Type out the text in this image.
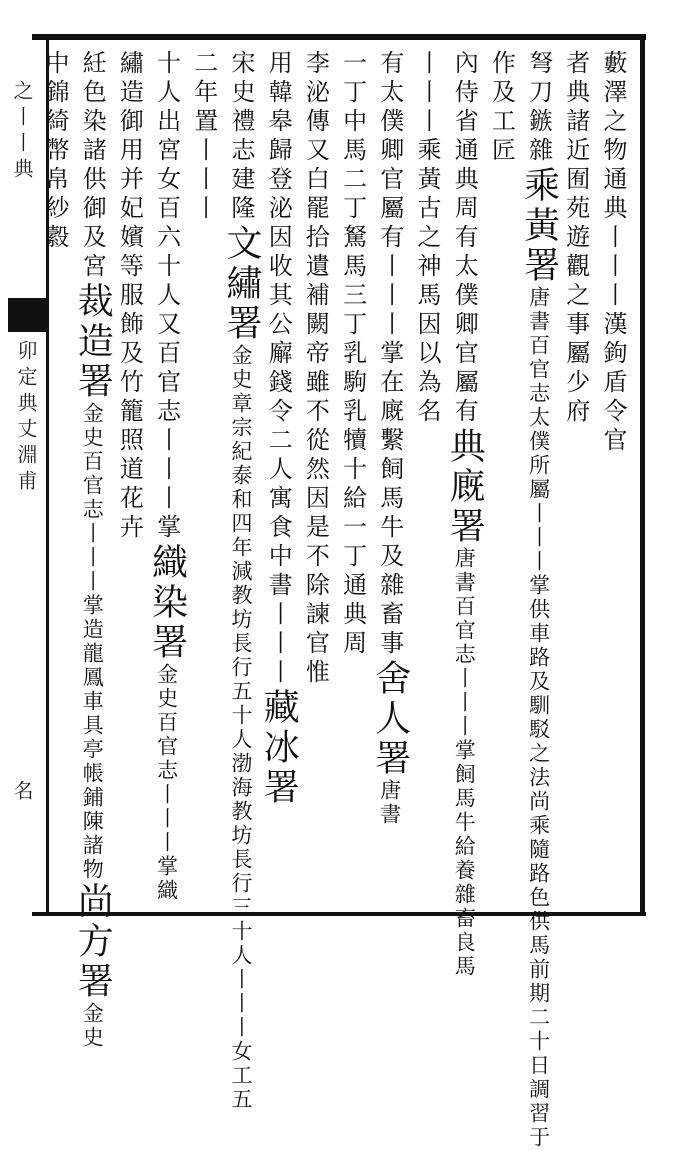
之丨丨典
卯定典丈淵甫
名
藪澤之物通典丨丨丨漢鉤盾令官
者典諸近囿苑遊觀之事屬少府
弩刀鏃雜乘黃署唐書百官志太僕所屬丨丨丨掌供車路及馴駁之法尚乘隨路色供馬前期二十日調習于
作及工匠
內侍省通典周有太僕卿官屬有典廐署唐書百官志丨丨丨掌飼馬牛給養雜畜良馬
丨丨丨乘黃古之神馬因以為名
有太僕卿官屬有丨丨丨掌在廐繫飼馬牛及雜畜事舍人署唐書
一丁中馬二丁駑馬三丁乳駒乳犢十給一丁通典周
李泌傳又白罷拾遺補闕帝雖不從然因是不除諫官惟
用韓皋歸登泌因收其公廨錢令二人寓食中書丨丨丨藏冰署
宋史禮志建隆文繡署金史章宗紀泰和四年減教坊長行五十人渤海教坊長行三十人丨丨丨女工五
二年置丨丨丨
十人出宮女百六十人又百官志丨丨丨掌織染署金史百官志丨丨丨掌織
繡造御用并妃嬪等服飾及竹籠照道花卉
紝色染諸供御及宮裁造署金史百官志丨丨丨掌造龍鳳車具亭帳鋪陳諸物尚方署金史
中錦綺幣帛紗縠
